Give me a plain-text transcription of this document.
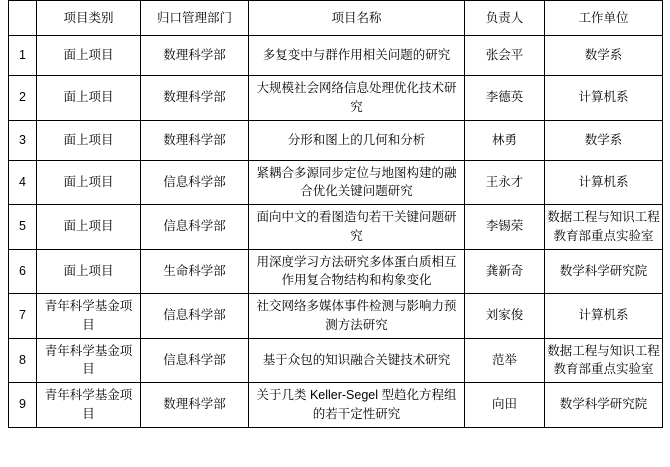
	项目类别	归口管理部门	项目名称	负责人	工作单位
1	面上项目	数理科学部	多复变中与群作用相关问题的研究	张会平	数学系
2	面上项目	数理科学部	大规模社会网络信息处理优化技术研究	李德英	计算机系
3	面上项目	数理科学部	分形和图上的几何和分析	林勇	数学系
4	面上项目	信息科学部	紧耦合多源同步定位与地图构建的融合优化关键问题研究	王永才	计算机系
5	面上项目	信息科学部	面向中文的看图造句若干关键问题研究	李锡荣	数据工程与知识工程教育部重点实验室
6	面上项目	生命科学部	用深度学习方法研究多体蛋白质相互作用复合物结构和构象变化	龚新奇	数学科学研究院
7	青年科学基金项目	信息科学部	社交网络多媒体事件检测与影响力预测方法研究	刘家俊	计算机系
8	青年科学基金项目	信息科学部	基于众包的知识融合关键技术研究	范举	数据工程与知识工程教育部重点实验室
9	青年科学基金项目	数理科学部	关于几类 Keller-Segel 型趋化方程组的若干定性研究	向田	数学科学研究院
